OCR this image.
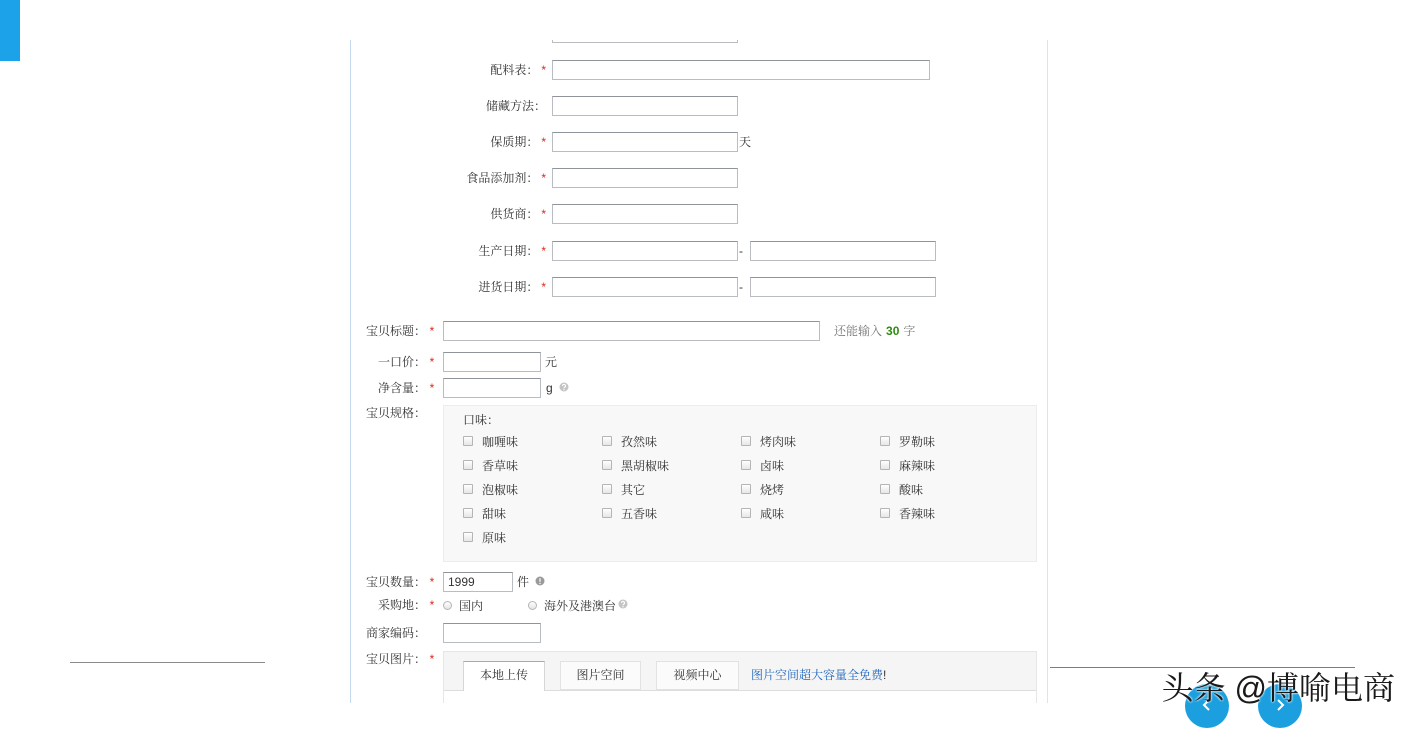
配料表： *
储藏方法：
保质期： *	天
食品添加剂： *
供货商： *
生产日期： *	-
进货日期： *	-
宝贝标题： *	还能输入 30 字
一口价： *	元
净含量： *	g
宝贝规格：	口味：
咖喱味	孜然味	烤肉味	罗勒味
香草味	黑胡椒味	卤味	麻辣味
泡椒味	其它	烧烤	酸味
甜味	五香味	咸味	香辣味
原味
宝贝数量： *
1999	件
采购地： *	国内	海外及港澳台
商家编码：
宝贝图片： *
本地上传	图片空间	视频中心	图片空间超大容量全免费!	头条 @博喻电商
